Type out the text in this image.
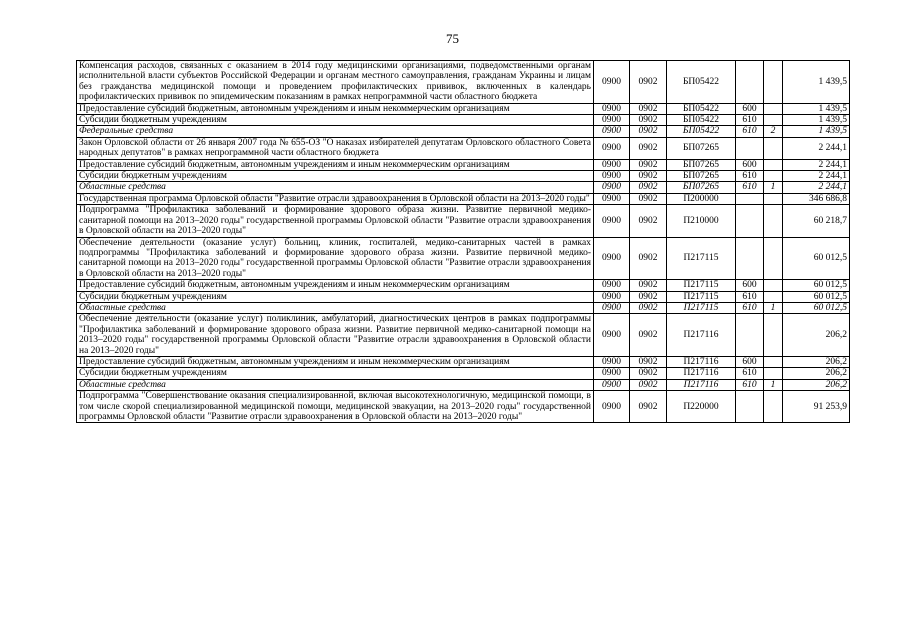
75
Компенсация расходов, связанных с оказанием в 2014 году медицинскими организациями, подведомственными органам исполнительной власти субъектов Российской Федерации и органам местного самоуправления, гражданам Украины и лицам без гражданства медицинской помощи и проведением профилактических прививок, включенных в календарь профилактических прививок по эпидемическим показаниям в рамках непрограммной части областного бюджета	0900	0902	БП05422			1 439,5
Предоставление субсидий бюджетным, автономным учреждениям и иным некоммерческим организациям	0900	0902	БП05422	600		1 439,5
Субсидии бюджетным учреждениям	0900	0902	БП05422	610		1 439,5
Федеральные средства	0900	0902	БП05422	610	2	1 439,5
Закон Орловской области от 26 января 2007 года № 655-ОЗ "О наказах избирателей депутатам Орловского областного Совета народных депутатов" в рамках непрограммной части областного бюджета	0900	0902	БП07265			2 244,1
Предоставление субсидий бюджетным, автономным учреждениям и иным некоммерческим организациям	0900	0902	БП07265	600		2 244,1
Субсидии бюджетным учреждениям	0900	0902	БП07265	610		2 244,1
Областные средства	0900	0902	БП07265	610	1	2 244,1
Государственная программа Орловской области "Развитие отрасли здравоохранения в Орловской области на 2013–2020 годы"	0900	0902	П200000			346 686,8
Подпрограмма "Профилактика заболеваний и формирование здорового образа жизни. Развитие первичной медико-санитарной помощи на 2013–2020 годы" государственной программы Орловской области "Развитие отрасли здравоохранения в Орловской области на 2013–2020 годы"	0900	0902	П210000			60 218,7
Обеспечение деятельности (оказание услуг) больниц, клиник, госпиталей, медико-санитарных частей в рамках подпрограммы "Профилактика заболеваний и формирование здорового образа жизни. Развитие первичной медико-санитарной помощи на 2013–2020 годы" государственной программы Орловской области "Развитие отрасли здравоохранения в Орловской области на 2013–2020 годы"	0900	0902	П217115			60 012,5
Предоставление субсидий бюджетным, автономным учреждениям и иным некоммерческим организациям	0900	0902	П217115	600		60 012,5
Субсидии бюджетным учреждениям	0900	0902	П217115	610		60 012,5
Областные средства	0900	0902	П217115	610	1	60 012,5
Обеспечение деятельности (оказание услуг) поликлиник, амбулаторий, диагностических центров в рамках подпрограммы "Профилактика заболеваний и формирование здорового образа жизни. Развитие первичной медико-санитарной помощи на 2013–2020 годы" государственной программы Орловской области "Развитие отрасли здравоохранения в Орловской области на 2013–2020 годы"	0900	0902	П217116			206,2
Предоставление субсидий бюджетным, автономным учреждениям и иным некоммерческим организациям	0900	0902	П217116	600		206,2
Субсидии бюджетным учреждениям	0900	0902	П217116	610		206,2
Областные средства	0900	0902	П217116	610	1	206,2
Подпрограмма "Совершенствование оказания специализированной, включая высокотехнологичную, медицинской помощи, в том числе скорой специализированной медицинской помощи, медицинской эвакуации, на 2013–2020 годы" государственной программы Орловской области "Развитие отрасли здравоохранения в Орловской области на 2013–2020 годы"	0900	0902	П220000			91 253,9
